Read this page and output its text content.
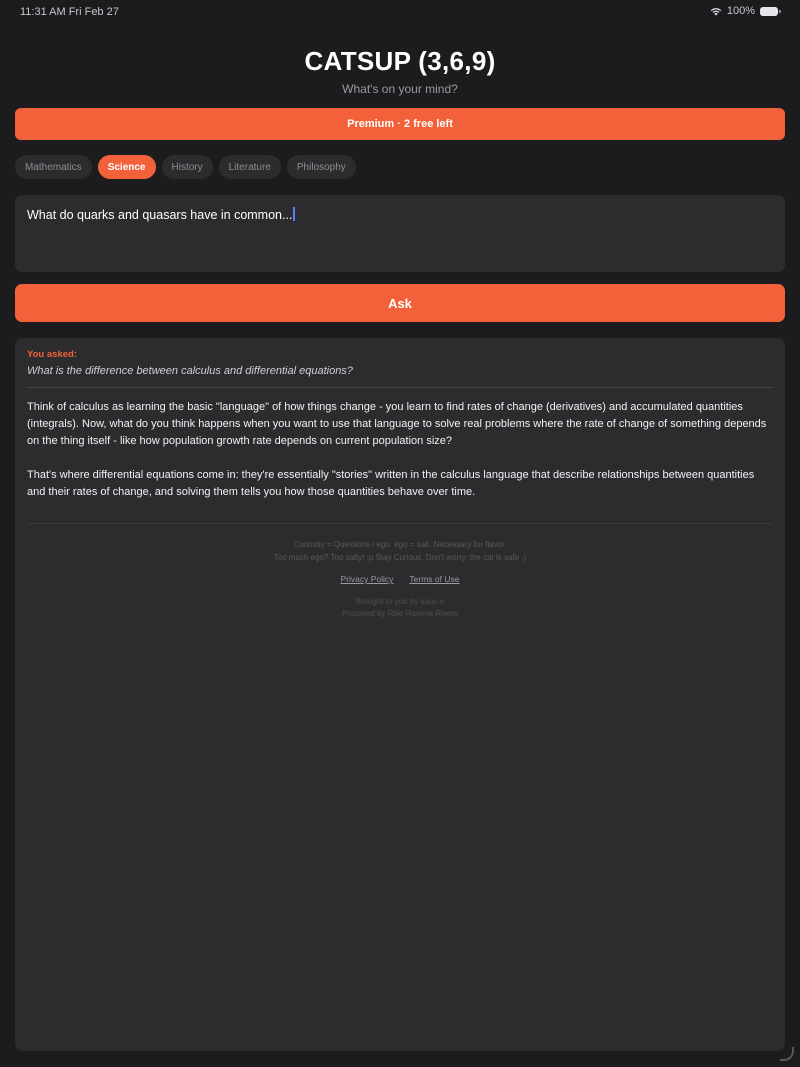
11:31 AM Fri Feb 27	100%
CATSUP (3,6,9)
What's on your mind?
Premium · 2 free left
Mathematics	Science	History	Literature	Philosophy
What do quarks and quasars have in common...
Ask
You asked:
What is the difference between calculus and differential equations?

Think of calculus as learning the basic "language" of how things change - you learn to find rates of change (derivatives) and accumulated quantities (integrals). Now, what do you think happens when you want to use that language to solve real problems where the rate of change of something depends on the thing itself - like how population growth rate depends on current population size?

That's where differential equations come in: they're essentially "stories" written in the calculus language that describe relationships between quantities and their rates of change, and solving them tells you how those quantities behave over time.

Curiosity = Questions / ego. ego = salt. Necessary for flavor.
Too much ego? Too salty! :p Stay Curious. Don't worry, the cat is safe :)
Privacy Policy Terms of Use
Brought to you by sauc-e
Prepared by Rille Ravena Rivers
